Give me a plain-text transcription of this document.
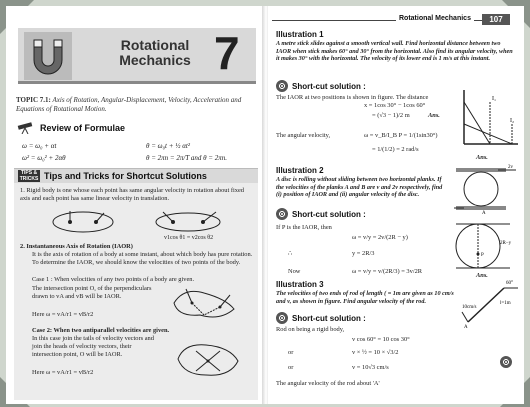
Rotational
Mechanics 7
TOPIC 7.1: Axis of Rotation, Angular-Displacement, Velocity, Acceleration and Equations of Rotational Motion.
Review of Formulae
ω = ω₀ + αt	θ = ω₀t + ½ αt²
ω² = ω₀² + 2αθ	θ = 2πn = 2π/T and θ = 2πn.
TIPS & TRICKS Tips and Tricks for Shortcut Solutions
1. Rigid body is one whose each point has same angular velocity in rotation about fixed axis and each point has same linear velocity in translation.
v1cos θ1 = v2cos θ2
2. Instantaneous Axis of Rotation (IAOR)
It is the axis of rotation of a body at some instant, about which body has pure rotation. To determine the IAOR, we should know the velocities of two points of the body.
Case 1 : When velocities of any two points of a body are given.
The intersection point O, of the perpendiculars drawn to vA and vB will be IAOR.
Here ω = vA/r1 = vB/r2
Case 2: When two antiparallel velocities are given.
In this case join the tails of velocity vectors and join the heads of velocity vectors, their intersection point, O will be IAOR.
Here ω = vA/r1 = vB/r2
Rotational Mechanics	107
Illustration 1
A metre stick slides against a smooth vertical wall. Find horizontal distance between two IAOR when stick makes 60° and 30° from the horizontal. Also find its angular velocity, when it makes 30° with the horizontal. The velocity of its lower end is 1 m/s at this instant.
Short-cut solution :
The IAOR at two positions is shown in figure. The distance
x = 1cos 30° − 1cos 60°
= (√3 − 1)/2 m	Ans.
The angular velocity,	ω = v_B/I_B P = 1/(1sin30°)
= 1/(1/2) = 2 rad/s
Ans.
I₁
I₂
Illustration 2
A disc is rolling without sliding between two horizontal planks. If the velocities of the planks A and B are v and 2v respectively, find (i) position of IAOR and (ii) angular velocity of the disc.
2v
A
Short-cut solution :
If P is the IAOR, then
ω = v/y = 2v/(2R − y)
∴	y = 2R/3
Now	ω = v/y = v/(2R/3) = 3v/2R
Ans.
P
2R−y
Illustration 3
The velocities of two ends of rod of length ( = 1m are given as 10 cm/s and v, as shown in figure. Find angular velocity of the rod.
60°
10cm/s
l=1m
A
Short-cut solution :
Rod on being a rigid body,
v cos 60° = 10 cos 30°
or	v × ½ = 10 × √3/2
or	v = 10√3 cm/s
The angular velocity of the rod about 'A'
